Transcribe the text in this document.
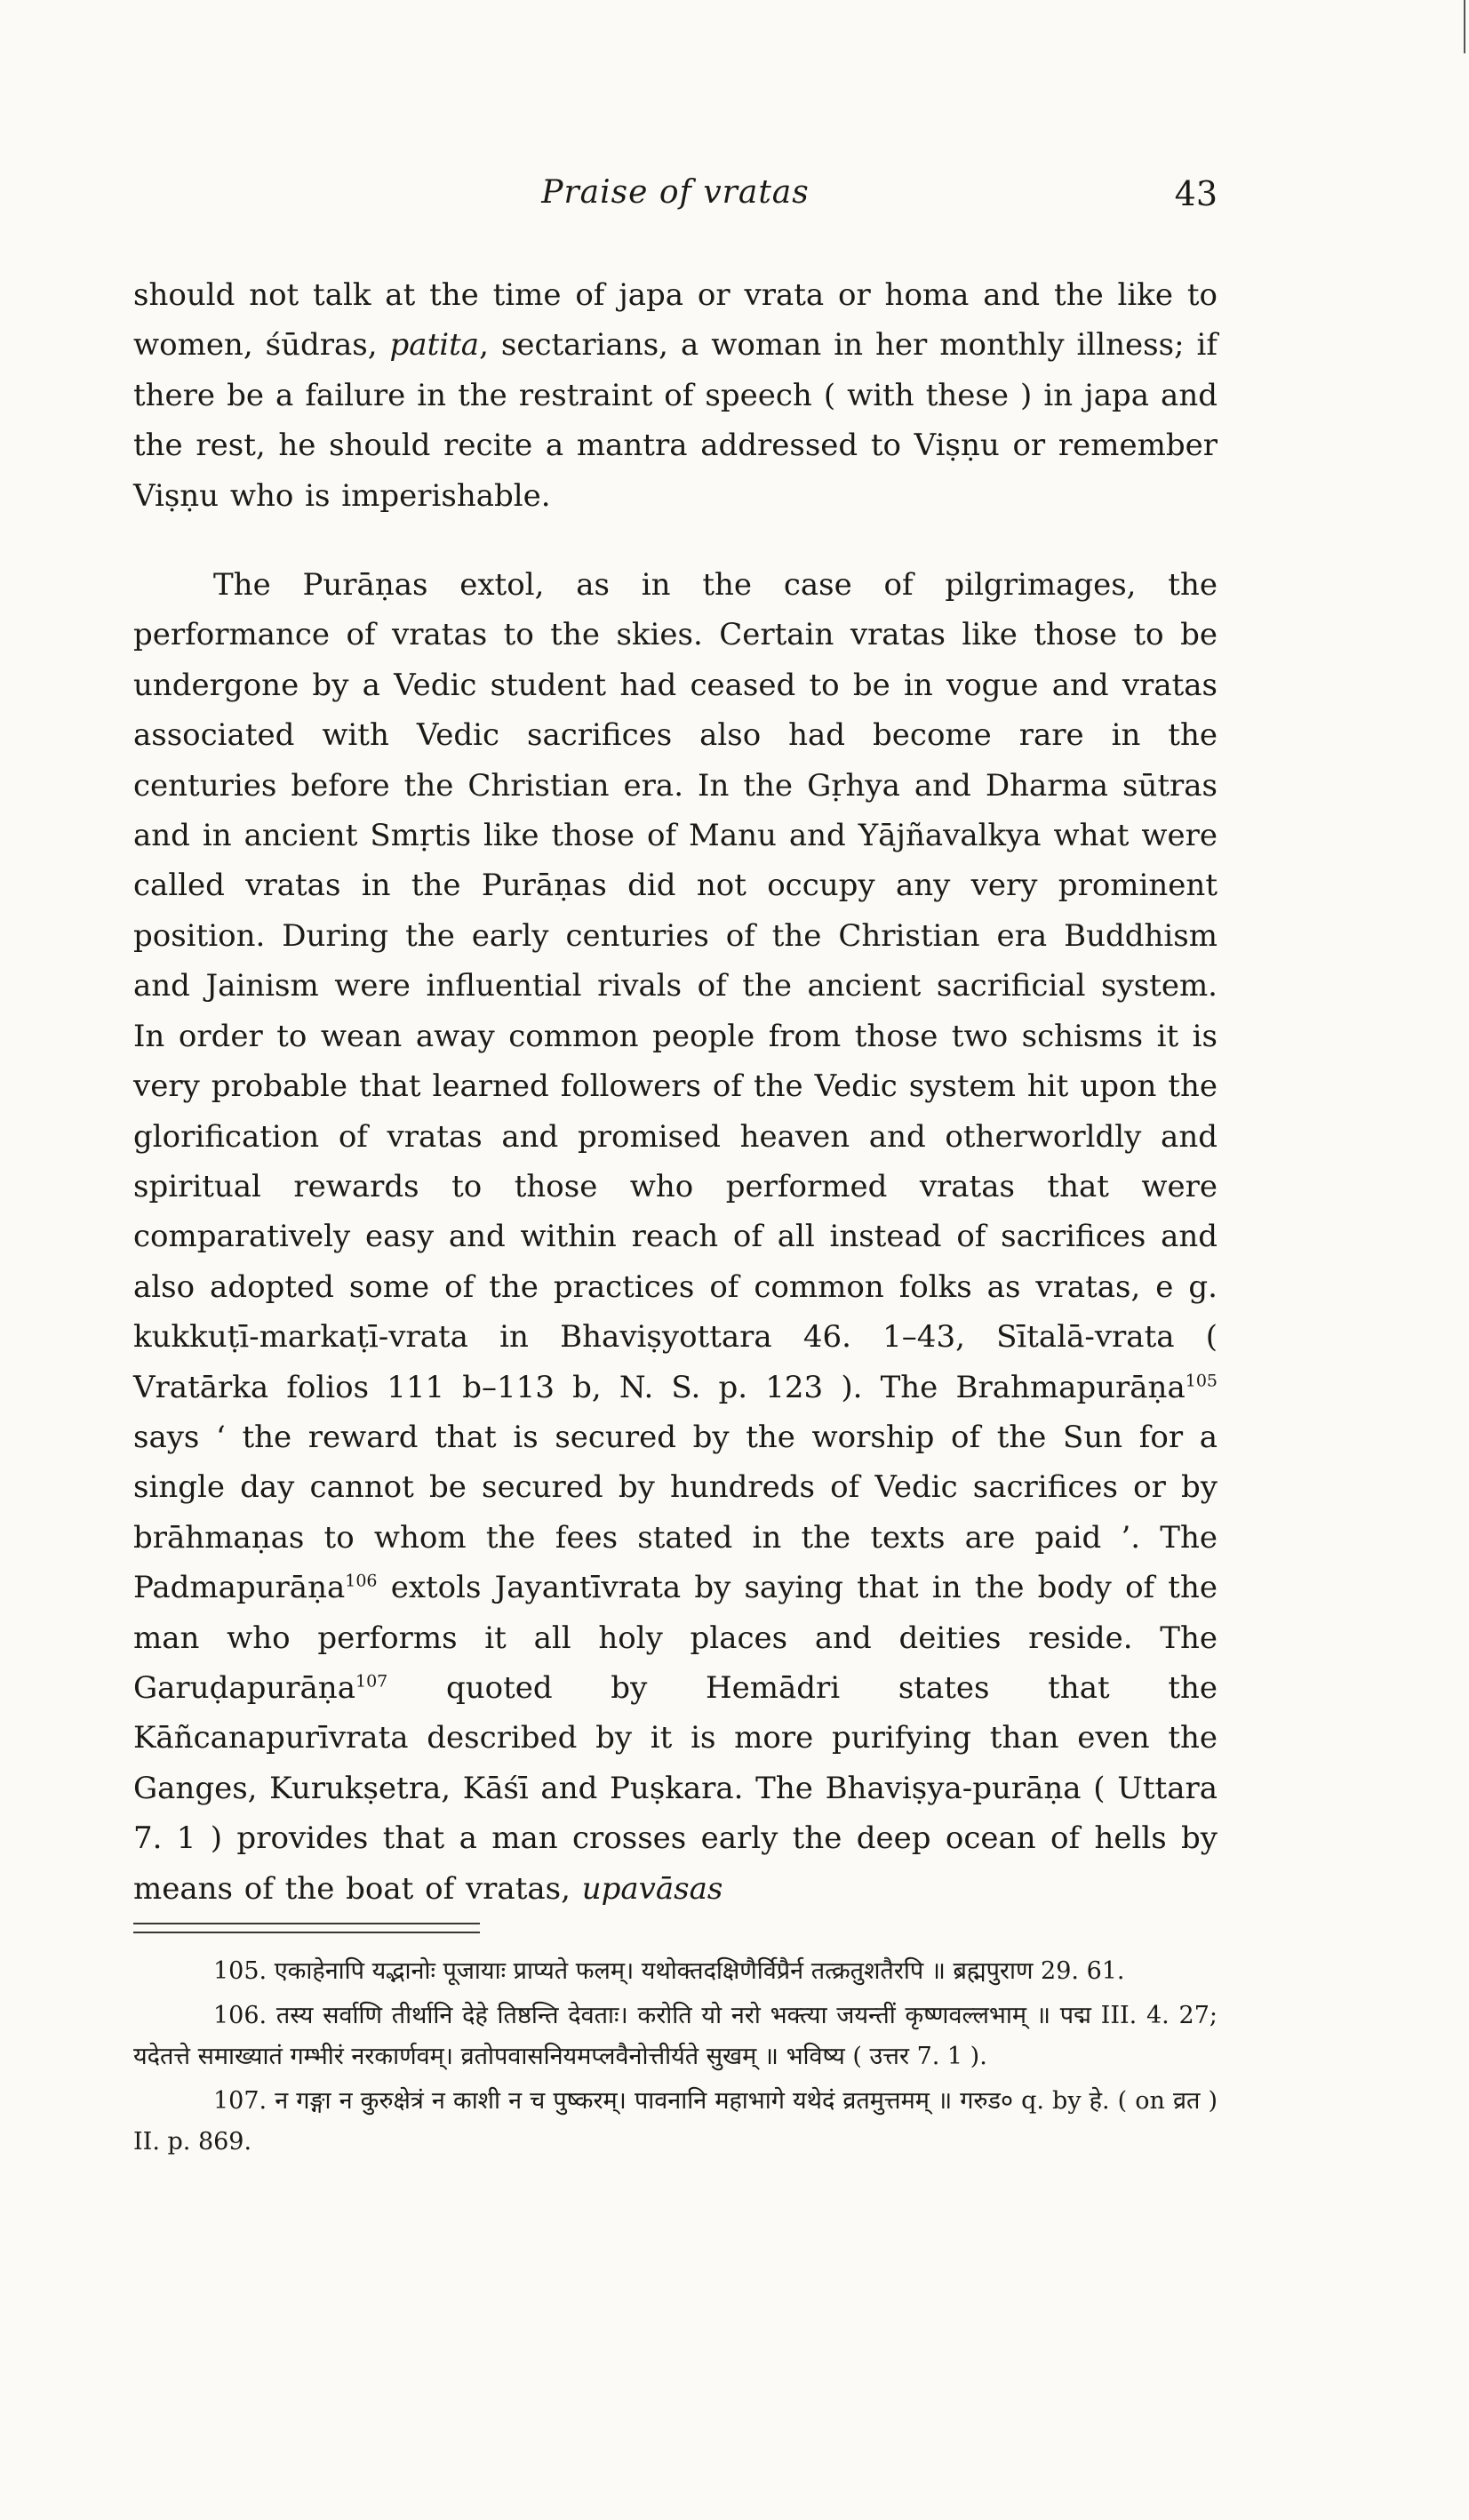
Praise of vratas	43

should not talk at the time of japa or vrata or homa and the like to women, śūdras, patita, sectarians, a woman in her monthly illness; if there be a failure in the restraint of speech ( with these ) in japa and the rest, he should recite a mantra addressed to Viṣṇu or remember Viṣṇu who is imperishable.

The Purāṇas extol, as in the case of pilgrimages, the performance of vratas to the skies. Certain vratas like those to be undergone by a Vedic student had ceased to be in vogue and vratas associated with Vedic sacrifices also had become rare in the centuries before the Christian era. In the Gṛhya and Dharma sūtras and in ancient Smṛtis like those of Manu and Yājñavalkya what were called vratas in the Purāṇas did not occupy any very prominent position. During the early centuries of the Christian era Buddhism and Jainism were influential rivals of the ancient sacrificial system. In order to wean away common people from those two schisms it is very probable that learned followers of the Vedic system hit upon the glorification of vratas and promised heaven and otherworldly and spiritual rewards to those who performed vratas that were comparatively easy and within reach of all instead of sacrifices and also adopted some of the practices of common folks as vratas, e g. kukkuṭī-markaṭī-vrata in Bhaviṣyottara 46. 1–43, Sītalā-vrata ( Vratārka folios 111 b–113 b, N. S. p. 123 ). The Brahmapurāṇa$^{105}$ says ‘ the reward that is secured by the worship of the Sun for a single day cannot be secured by hundreds of Vedic sacrifices or by brāhmaṇas to whom the fees stated in the texts are paid ’. The Padmapurāṇa$^{106}$ extols Jayantīvrata by saying that in the body of the man who performs it all holy places and deities reside. The Garuḍapurāṇa$^{107}$ quoted by Hemādri states that the Kāñcanapurīvrata described by it is more purifying than even the Ganges, Kurukṣetra, Kāśī and Puṣkara. The Bhaviṣya-purāṇa ( Uttara 7. 1 ) provides that a man crosses early the deep ocean of hells by means of the boat of vratas, upavāsas

105. एकाहेनापि यद्भानोः पूजायाः प्राप्यते फलम्। यथोक्तदक्षिणैर्विप्रैर्न तत्क्रतुशतैरपि ॥ ब्रह्मपुराण 29. 61.

106. तस्य सर्वाणि तीर्थानि देहे तिष्ठन्ति देवताः। करोति यो नरो भक्त्या जयन्तीं कृष्णवल्लभाम् ॥ पद्म III. 4. 27; यदेतत्ते समाख्यातं गम्भीरं नरकार्णवम्। व्रतोपवासनियमप्लवैनोत्तीर्यते सुखम् ॥ भविष्य ( उत्तर 7. 1 ).

107. न गङ्गा न कुरुक्षेत्रं न काशी न च पुष्करम्। पावनानि महाभागे यथेदं व्रतमुत्तमम् ॥ गरुड० q. by हे. ( on व्रत ) II. p. 869.
